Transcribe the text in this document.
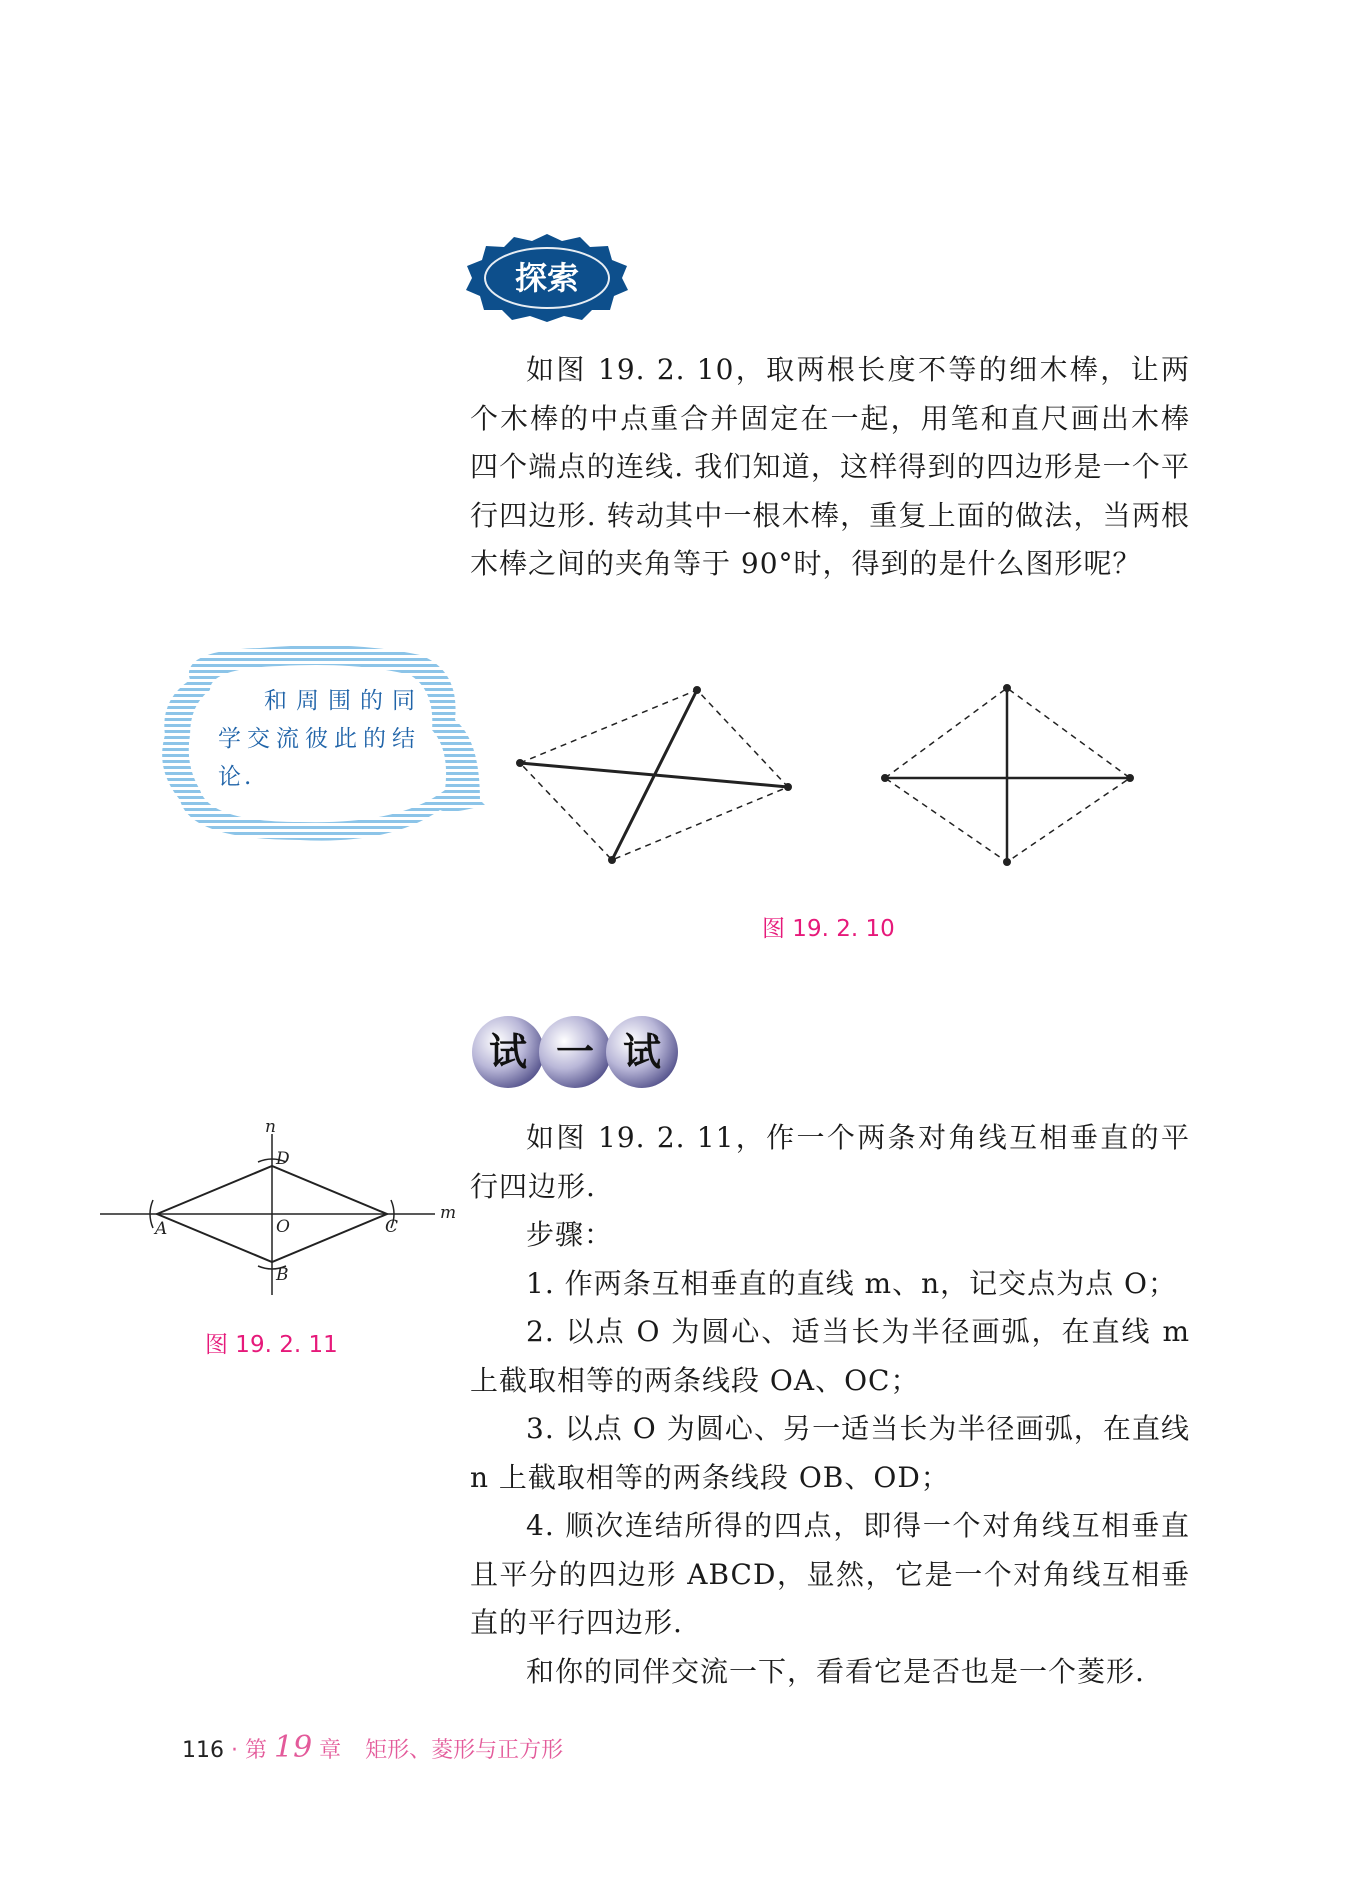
探索

如图 19. 2. 10，取两根长度不等的细木棒，让两个木棒的中点重合并固定在一起，用笔和直尺画出木棒四个端点的连线. 我们知道，这样得到的四边形是一个平行四边形. 转动其中一根木棒，重复上面的做法，当两根木棒之间的夹角等于 90°时，得到的是什么图形呢？

和周围的同学交流彼此的结论.

图 19. 2. 10
试 一 试
n
m
D
A	O	C
B
图 19. 2. 11

如图 19. 2. 11，作一个两条对角线互相垂直的平行四边形.

步骤：

1. 作两条互相垂直的直线 m、n，记交点为点 O；

2. 以点 O 为圆心、适当长为半径画弧，在直线 m 上截取相等的两条线段 OA、OC；

3. 以点 O 为圆心、另一适当长为半径画弧，在直线 n 上截取相等的两条线段 OB、OD；

4. 顺次连结所得的四点，即得一个对角线互相垂直且平分的四边形 ABCD，显然，它是一个对角线互相垂直的平行四边形.

和你的同伴交流一下，看看它是否也是一个菱形.

116 · 第 19 章 矩形、菱形与正方形
